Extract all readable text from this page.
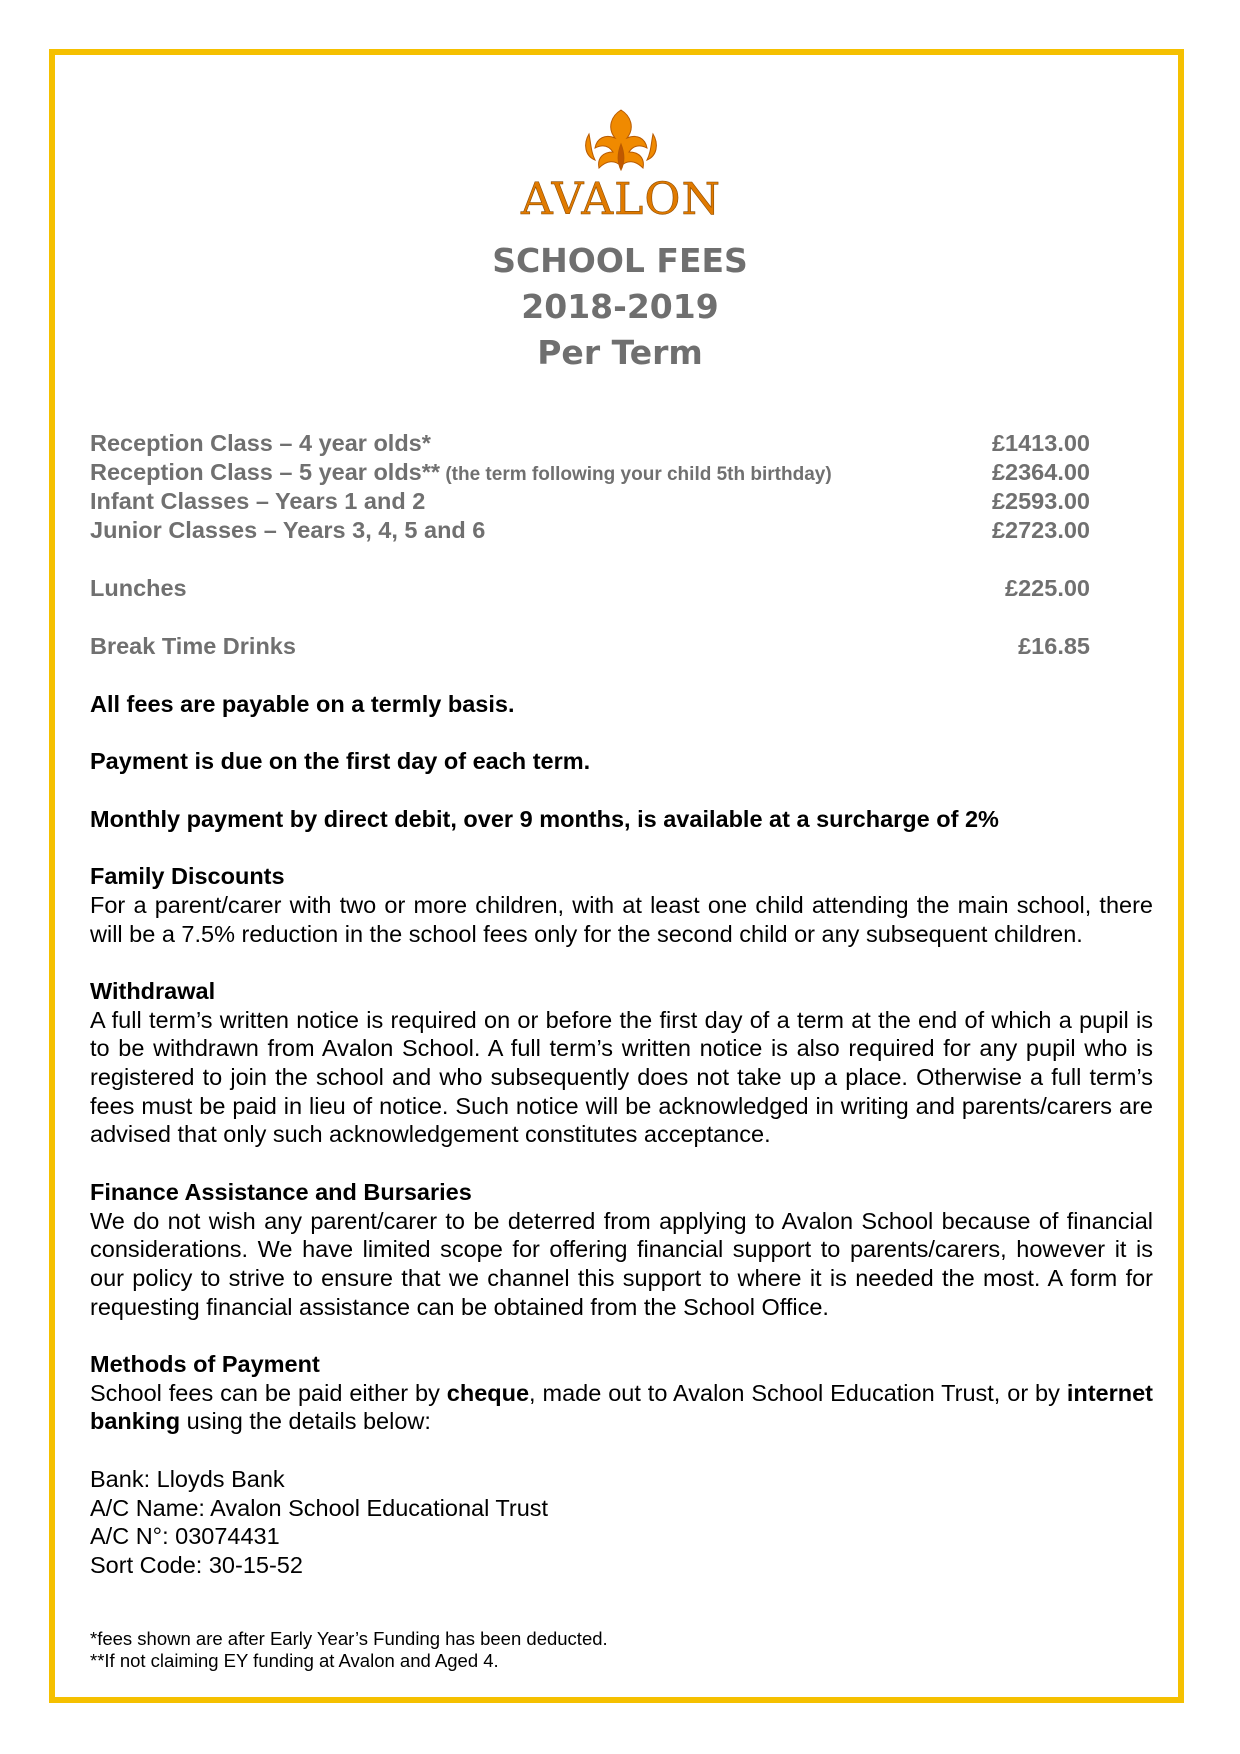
AVALON
SCHOOL FEES
2018-2019
Per Term
Reception Class – 4 year olds*	£1413.00
Reception Class – 5 year olds** (the term following your child 5th birthday)	£2364.00
Infant Classes – Years 1 and 2	£2593.00
Junior Classes – Years 3, 4, 5 and 6	£2723.00
Lunches	£225.00
Break Time Drinks	£16.85

All fees are payable on a termly basis.

Payment is due on the first day of each term.

Monthly payment by direct debit, over 9 months, is available at a surcharge of 2%

Family Discounts

For a parent/carer with two or more children, with at least one child attending the main school, there will be a 7.5% reduction in the school fees only for the second child or any subsequent children.

Withdrawal

A full term’s written notice is required on or before the first day of a term at the end of which a pupil is to be withdrawn from Avalon School. A full term’s written notice is also required for any pupil who is registered to join the school and who subsequently does not take up a place. Otherwise a full term’s fees must be paid in lieu of notice. Such notice will be acknowledged in writing and parents/carers are advised that only such acknowledgement constitutes acceptance.

Finance Assistance and Bursaries

We do not wish any parent/carer to be deterred from applying to Avalon School because of financial considerations. We have limited scope for offering financial support to parents/carers, however it is our policy to strive to ensure that we channel this support to where it is needed the most. A form for requesting financial assistance can be obtained from the School Office.

Methods of Payment

School fees can be paid either by cheque, made out to Avalon School Education Trust, or by internet banking using the details below:

Bank: Lloyds Bank

A/C Name: Avalon School Educational Trust

A/C N°: 03074431

Sort Code: 30-15-52

*fees shown are after Early Year’s Funding has been deducted.
**If not claiming EY funding at Avalon and Aged 4.
